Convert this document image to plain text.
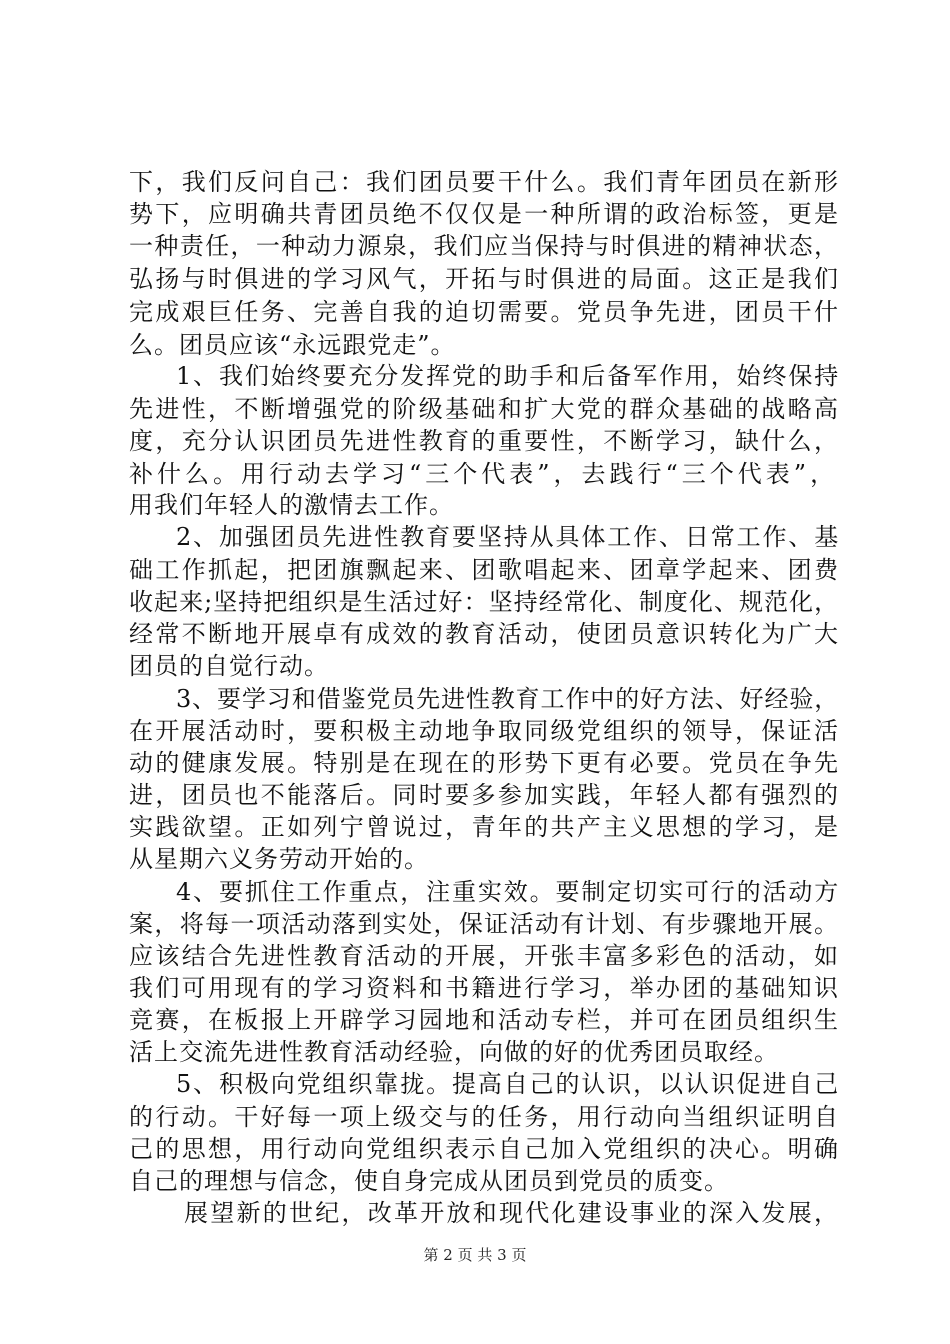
下，我们反问自己：我们团员要干什么。我们青年团员在新形
势下，应明确共青团员绝不仅仅是一种所谓的政治标签，更是
一种责任，一种动力源泉，我们应当保持与时俱进的精神状态，
弘扬与时俱进的学习风气，开拓与时俱进的局面。这正是我们
完成艰巨任务、完善自我的迫切需要。党员争先进，团员干什
么。团员应该“永远跟党走”。
1、我们始终要充分发挥党的助手和后备军作用，始终保持
先进性，不断增强党的阶级基础和扩大党的群众基础的战略高
度，充分认识团员先进性教育的重要性，不断学习，缺什么，
补什么。用行动去学习“三个代表”，去践行“三个代表”，
用我们年轻人的激情去工作。
2、加强团员先进性教育要坚持从具体工作、日常工作、基
础工作抓起，把团旗飘起来、团歌唱起来、团章学起来、团费
收起来;坚持把组织是生活过好：坚持经常化、制度化、规范化，
经常不断地开展卓有成效的教育活动，使团员意识转化为广大
团员的自觉行动。
3、要学习和借鉴党员先进性教育工作中的好方法、好经验，
在开展活动时，要积极主动地争取同级党组织的领导，保证活
动的健康发展。特别是在现在的形势下更有必要。党员在争先
进，团员也不能落后。同时要多参加实践，年轻人都有强烈的
实践欲望。正如列宁曾说过，青年的共产主义思想的学习，是
从星期六义务劳动开始的。
4、要抓住工作重点，注重实效。要制定切实可行的活动方
案，将每一项活动落到实处，保证活动有计划、有步骤地开展。
应该结合先进性教育活动的开展，开张丰富多彩色的活动，如
我们可用现有的学习资料和书籍进行学习，举办团的基础知识
竞赛，在板报上开辟学习园地和活动专栏，并可在团员组织生
活上交流先进性教育活动经验，向做的好的优秀团员取经。
5、积极向党组织靠拢。提高自己的认识，以认识促进自己
的行动。干好每一项上级交与的任务，用行动向当组织证明自
己的思想，用行动向党组织表示自己加入党组织的决心。明确
自己的理想与信念，使自身完成从团员到党员的质变。
展望新的世纪，改革开放和现代化建设事业的深入发展，
第 2 页 共 3 页
